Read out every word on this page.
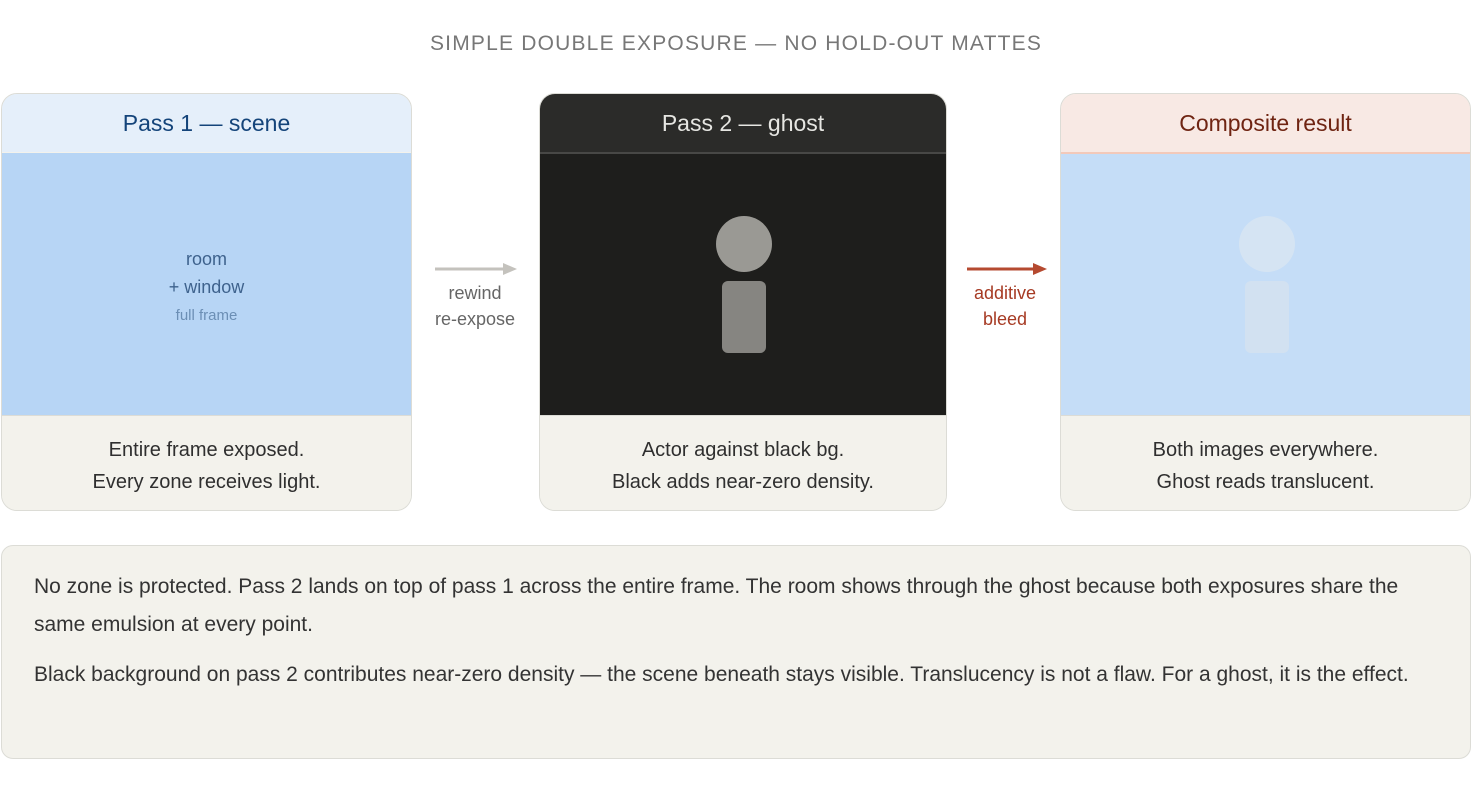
SIMPLE DOUBLE EXPOSURE — NO HOLD-OUT MATTES
Pass 1 — scene
room
+ window
full frame
Entire frame exposed.
Every zone receives light.
rewind
re-expose
Pass 2 — ghost
Actor against black bg.
Black adds near-zero density.
additive
bleed
Composite result
Both images everywhere.
Ghost reads translucent.

No zone is protected. Pass 2 lands on top of pass 1 across the entire frame. The room shows through the ghost because both exposures share the same emulsion at every point.

Black background on pass 2 contributes near-zero density — the scene beneath stays visible. Translucency is not a flaw. For a ghost, it is the effect.
